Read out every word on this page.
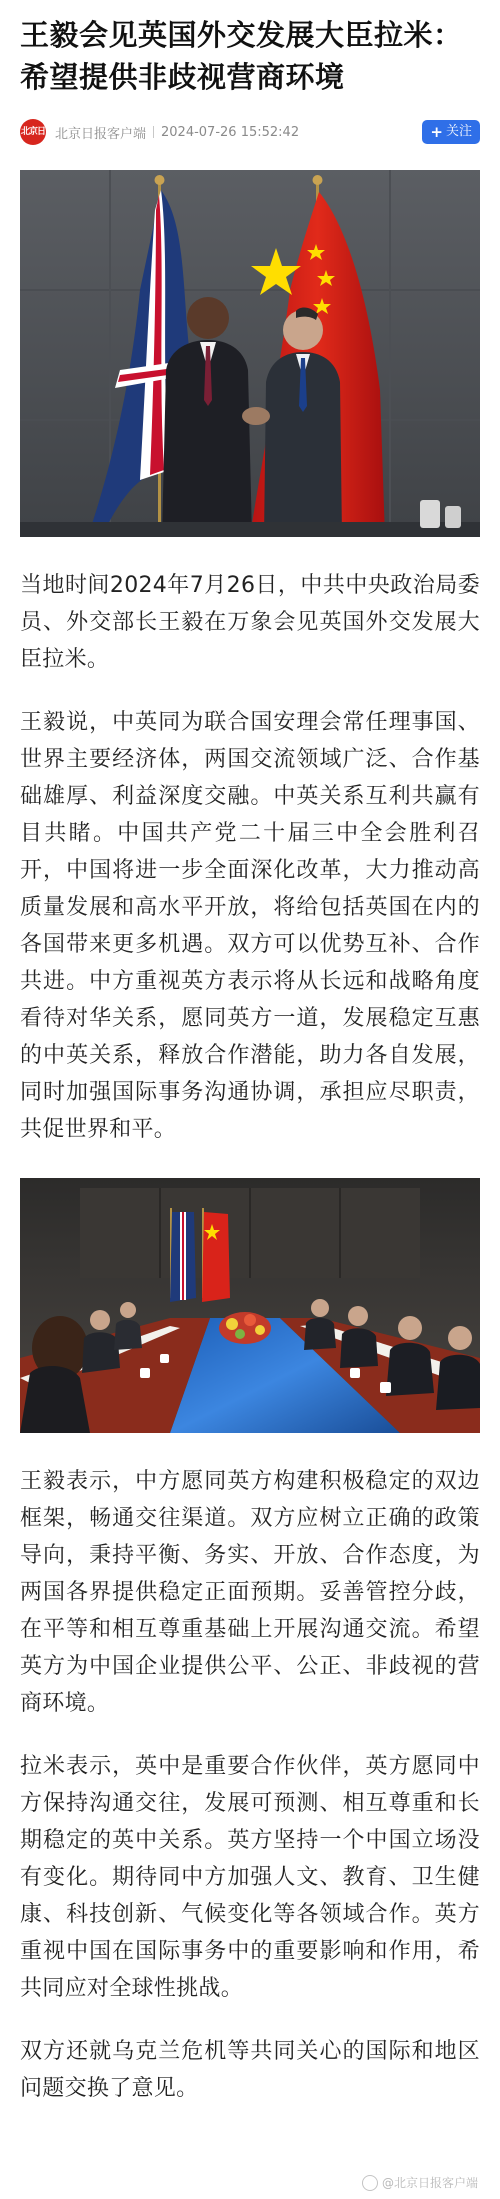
王毅会见英国外交发展大臣拉米：希望提供非歧视营商环境
北京日报
北京日报客户端 2024-07-26 15:52:42	+ 关注

当地时间2024年7月26日，中共中央政治局委员、外交部长王毅在万象会见英国外交发展大臣拉米。

王毅说，中英同为联合国安理会常任理事国、世界主要经济体，两国交流领域广泛、合作基础雄厚、利益深度交融。中英关系互利共赢有目共睹。中国共产党二十届三中全会胜利召开，中国将进一步全面深化改革，大力推动高质量发展和高水平开放，将给包括英国在内的各国带来更多机遇。双方可以优势互补、合作共进。中方重视英方表示将从长远和战略角度看待对华关系，愿同英方一道，发展稳定互惠的中英关系，释放合作潜能，助力各自发展，同时加强国际事务沟通协调，承担应尽职责，共促世界和平。

王毅表示，中方愿同英方构建积极稳定的双边框架，畅通交往渠道。双方应树立正确的政策导向，秉持平衡、务实、开放、合作态度，为两国各界提供稳定正面预期。妥善管控分歧，在平等和相互尊重基础上开展沟通交流。希望英方为中国企业提供公平、公正、非歧视的营商环境。

拉米表示，英中是重要合作伙伴，英方愿同中方保持沟通交往，发展可预测、相互尊重和长期稳定的英中关系。英方坚持一个中国立场没有变化。期待同中方加强人文、教育、卫生健康、科技创新、气候变化等各领域合作。英方重视中国在国际事务中的重要影响和作用，希共同应对全球性挑战。

双方还就乌克兰危机等共同关心的国际和地区问题交换了意见。

@北京日报客户端
